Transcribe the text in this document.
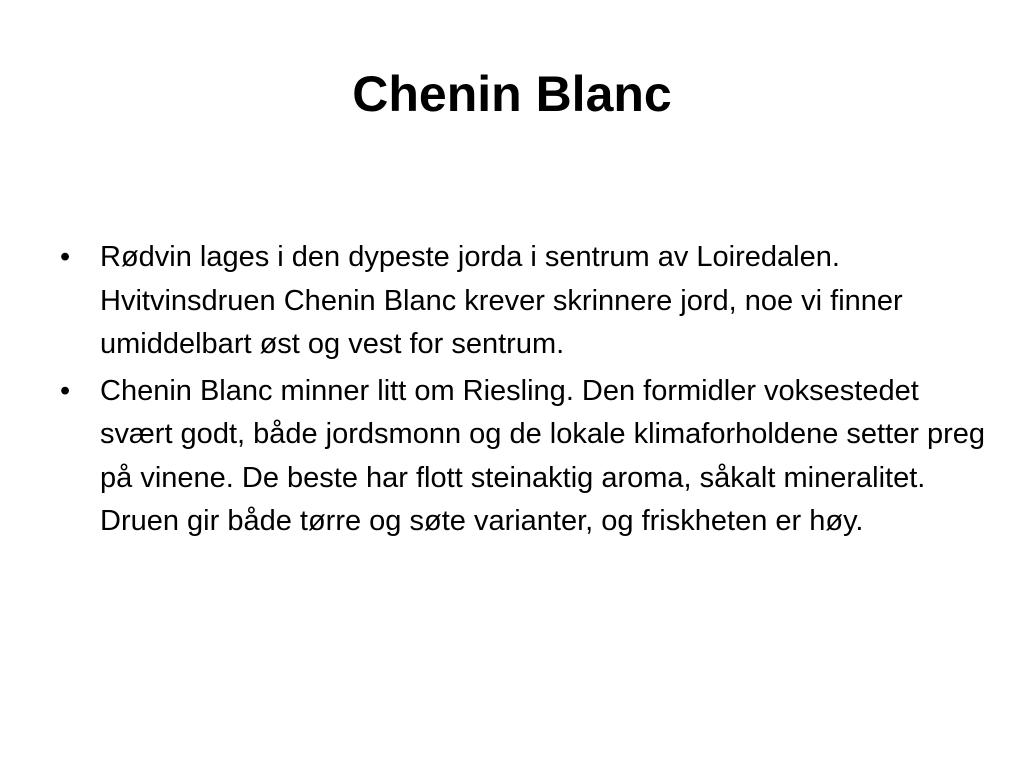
Chenin Blanc
• Rødvin lages i den dypeste jorda i sentrum av Loiredalen. Hvitvinsdruen Chenin Blanc krever skrinnere jord, noe vi finner umiddelbart øst og vest for sentrum.
• Chenin Blanc minner litt om Riesling. Den formidler voksestedet svært godt, både jordsmonn og de lokale klimaforholdene setter preg på vinene. De beste har flott steinaktig aroma, såkalt mineralitet. Druen gir både tørre og søte varianter, og friskheten er høy.
